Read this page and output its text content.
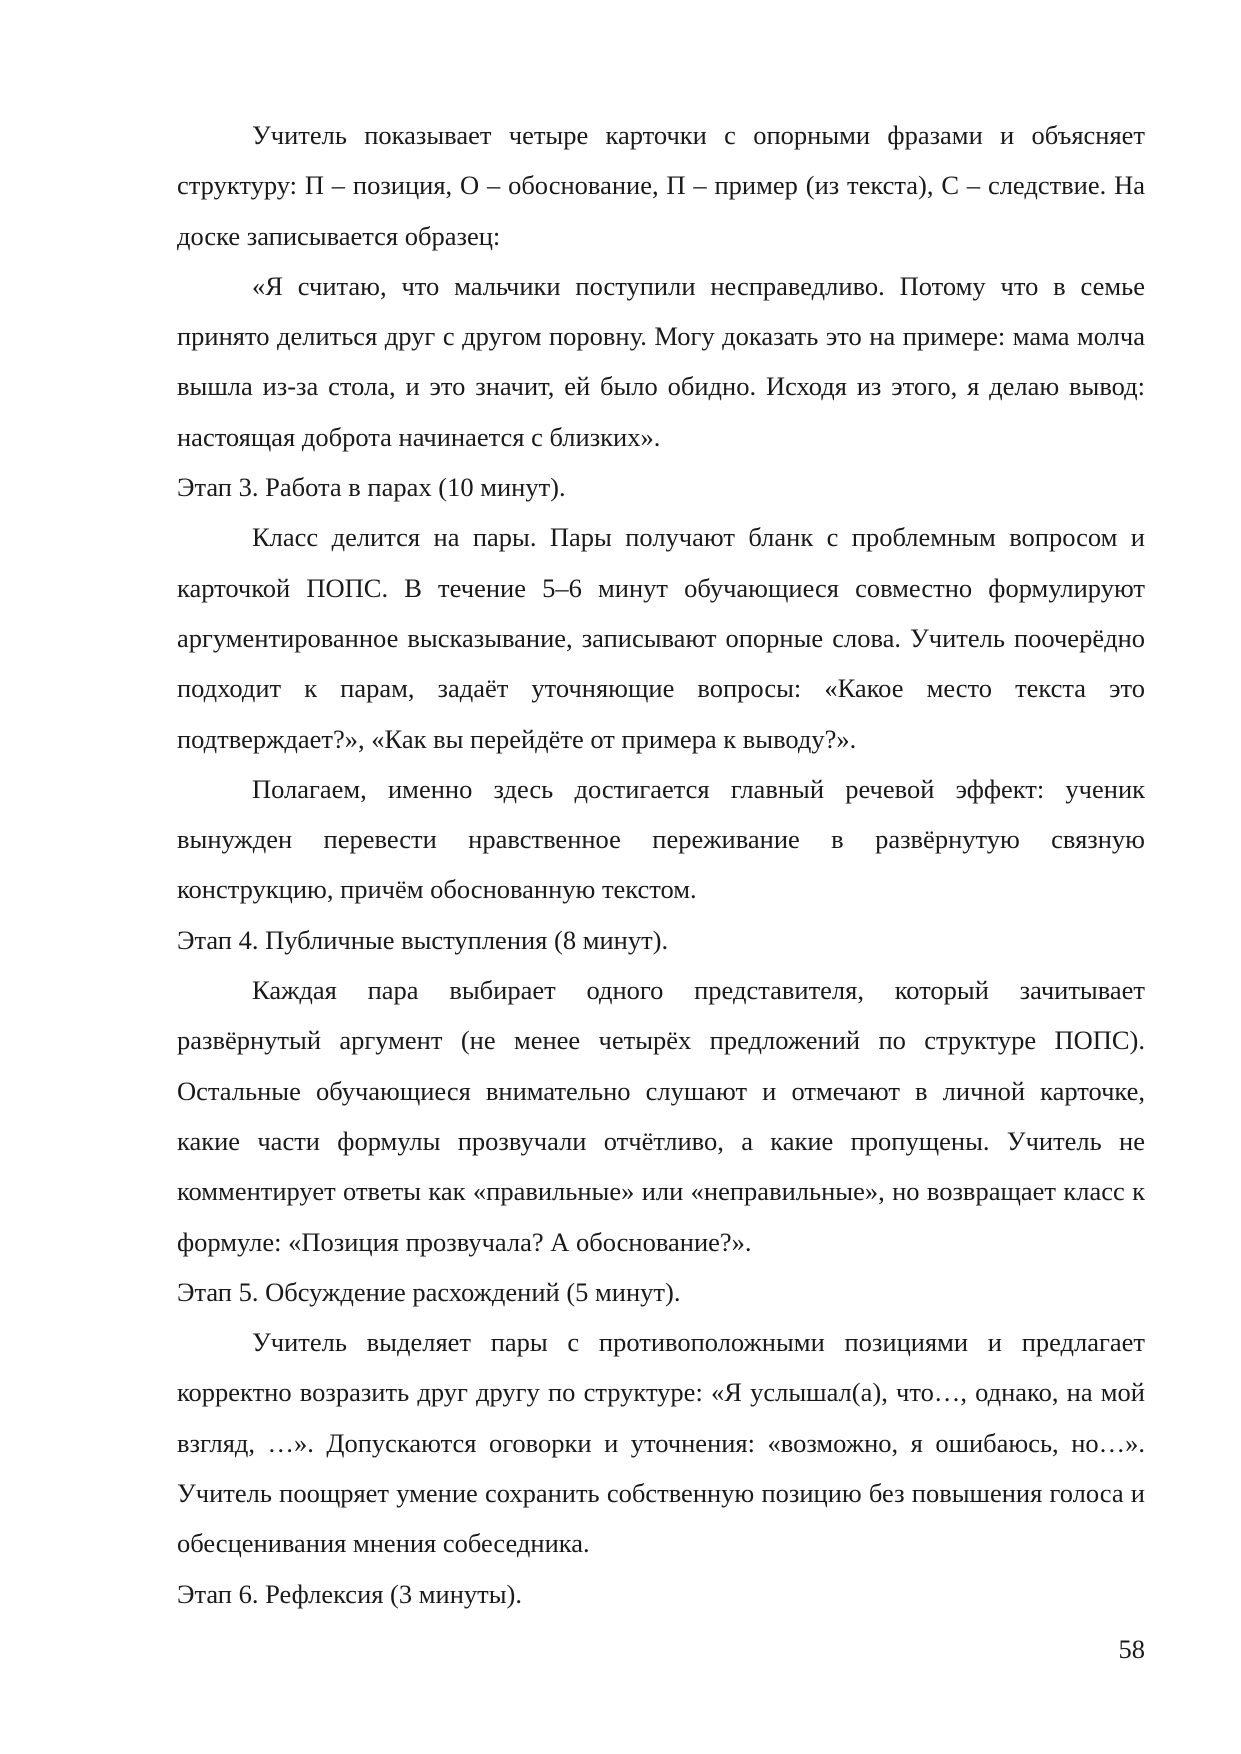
Учитель показывает четыре карточки с опорными фразами и объясняет структуру: П – позиция, О – обоснование, П – пример (из текста), С – следствие. На доске записывается образец:

«Я считаю, что мальчики поступили несправедливо. Потому что в семье принято делиться друг с другом поровну. Могу доказать это на примере: мама молча вышла из-за стола, и это значит, ей было обидно. Исходя из этого, я делаю вывод: настоящая доброта начинается с близких».

Этап 3. Работа в парах (10 минут).

Класс делится на пары. Пары получают бланк с проблемным вопросом и карточкой ПОПС. В течение 5–6 минут обучающиеся совместно формулируют аргументированное высказывание, записывают опорные слова. Учитель поочерёдно подходит к парам, задаёт уточняющие вопросы: «Какое место текста это подтверждает?», «Как вы перейдёте от примера к выводу?».

Полагаем, именно здесь достигается главный речевой эффект: ученик вынужден перевести нравственное переживание в развёрнутую связную конструкцию, причём обоснованную текстом.

Этап 4. Публичные выступления (8 минут).

Каждая пара выбирает одного представителя, который зачитывает развёрнутый аргумент (не менее четырёх предложений по структуре ПОПС). Остальные обучающиеся внимательно слушают и отмечают в личной карточке, какие части формулы прозвучали отчётливо, а какие пропущены. Учитель не комментирует ответы как «правильные» или «неправильные», но возвращает класс к формуле: «Позиция прозвучала? А обоснование?».

Этап 5. Обсуждение расхождений (5 минут).

Учитель выделяет пары с противоположными позициями и предлагает корректно возразить друг другу по структуре: «Я услышал(а), что…, однако, на мой взгляд, …». Допускаются оговорки и уточнения: «возможно, я ошибаюсь, но…». Учитель поощряет умение сохранить собственную позицию без повышения голоса и обесценивания мнения собеседника.

Этап 6. Рефлексия (3 минуты).

58
